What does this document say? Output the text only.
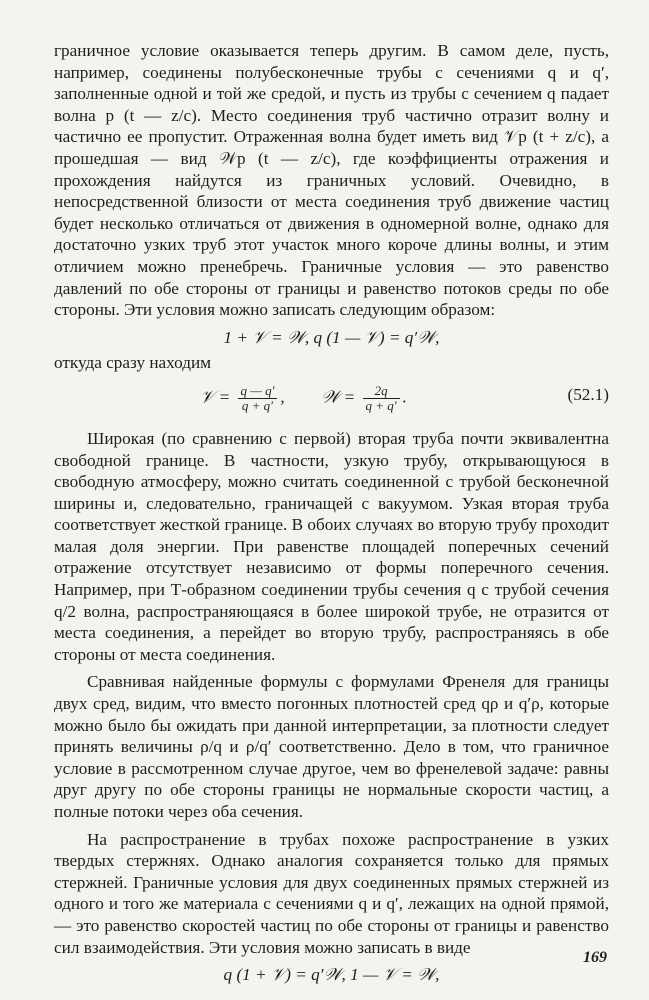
граничное условие оказывается теперь другим. В самом деле, пусть, например, соединены полубесконечные трубы с сечениями q и q′, заполненные одной и той же средой, и пусть из трубы с сечением q падает волна p (t — z/c). Место соединения труб частично отразит волну и частично ее пропустит. Отраженная волна будет иметь вид 𝒱p (t + z/c), а прошедшая — вид 𝒲p (t — z/c), где коэффициенты отражения и прохождения найдутся из граничных условий. Очевидно, в непосредственной близости от места соединения труб движение частиц будет несколько отличаться от движения в одномерной волне, однако для достаточно узких труб этот участок много короче длины волны, и этим отличием можно пренебречь. Граничные условия — это равенство давлений по обе стороны от границы и равенство потоков среды по обе стороны. Эти условия можно записать следующим образом:

1 + 𝒱 = 𝒲, q (1 — 𝒱) = q′𝒲,

откуда сразу находим

𝒱 = $\frac{q — q'}{q + q'}$ , 𝒲 = $\frac{2q}{q + q'}$ .	(52.1)

Широкая (по сравнению с первой) вторая труба почти эквивалентна свободной границе. В частности, узкую трубу, открывающуюся в свободную атмосферу, можно считать соединенной с трубой бесконечной ширины и, следовательно, граничащей с вакуумом. Узкая вторая труба соответствует жесткой границе. В обоих случаях во вторую трубу проходит малая доля энергии. При равенстве площадей поперечных сечений отражение отсутствует независимо от формы поперечного сечения. Например, при Т-образном соединении трубы сечения q с трубой сечения q/2 волна, распространяющаяся в более широкой трубе, не отразится от места соединения, а перейдет во вторую трубу, распространяясь в обе стороны от места соединения.

Сравнивая найденные формулы с формулами Френеля для границы двух сред, видим, что вместо погонных плотностей сред qρ и q′ρ, которые можно было бы ожидать при данной интерпретации, за плотности следует принять величины ρ/q и ρ/q′ соответственно. Дело в том, что граничное условие в рассмотренном случае другое, чем во френелевой задаче: равны друг другу по обе стороны границы не нормальные скорости частиц, а полные потоки через оба сечения.

На распространение в трубах похоже распространение в узких твердых стержнях. Однако аналогия сохраняется только для прямых стержней. Граничные условия для двух соединенных прямых стержней из одного и того же материала с сечениями q и q′, лежащих на одной прямой, — это равенство скоростей частиц по обе стороны от границы и равенство сил взаимодействия. Эти условия можно записать в виде

q (1 + 𝒱) = q′𝒲, 1 — 𝒱 = 𝒲,
169
